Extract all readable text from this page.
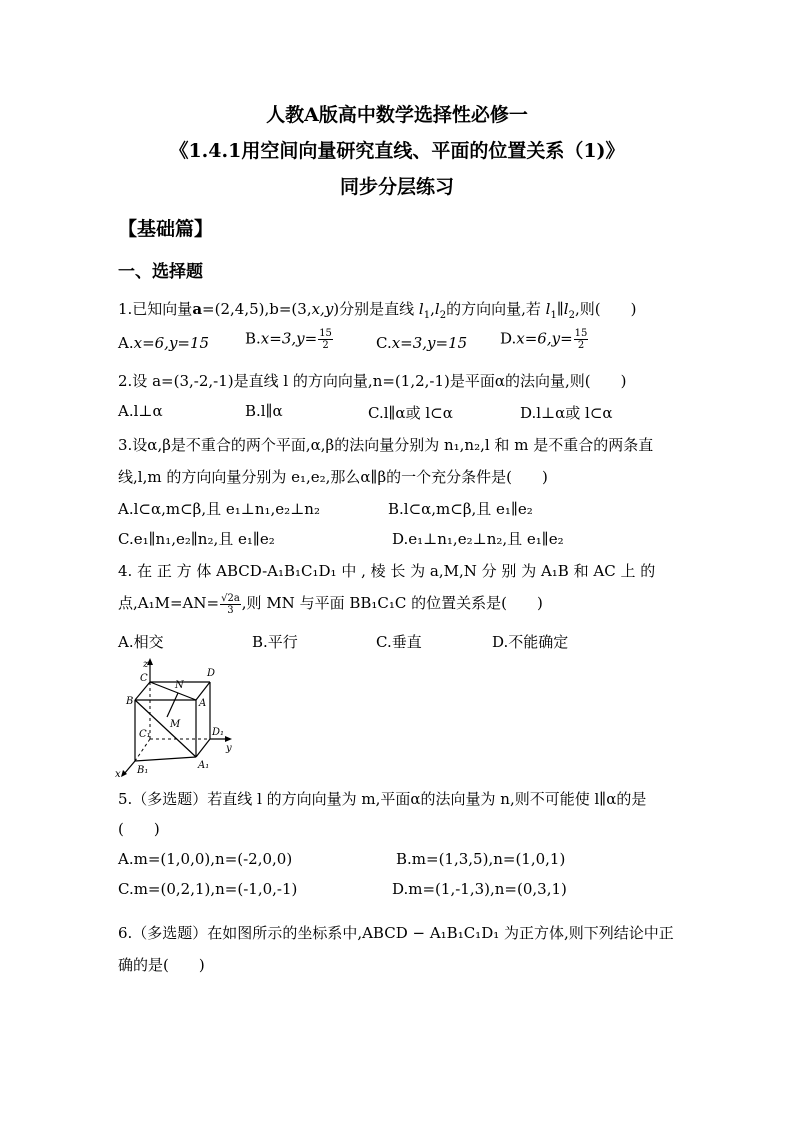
人教A版高中数学选择性必修一
《1.4.1用空间向量研究直线、平面的位置关系（1)》
同步分层练习
【基础篇】
一、选择题
1.已知向量a=(2,4,5),b=(3,x,y)分别是直线 $l_1,l_2$的方向向量,若 $l_1\parallel l_2$,则(　　)
A.x=6,y=15 $B.x=3,y= \frac{15}{2}$	C.x=3,y=15 $D.x=6,y= \frac{15}{2}$
2.设 a=(3,-2,-1)是直线 l 的方向向量,n=(1,2,-1)是平面α的法向量,则(　　)
A.l⊥α	B.l∥α	C.l∥α或 l⊂α	D.l⊥α或 l⊂α
3.设α,β是不重合的两个平面,α,β的法向量分别为 n₁,n₂,l 和 m 是不重合的两条直
线,l,m 的方向向量分别为 e₁,e₂,那么α∥β的一个充分条件是(　　)
A.l⊂α,m⊂β,且 e₁⊥n₁,e₂⊥n₂	B.l⊂α,m⊂β,且 e₁∥e₂
C.e₁∥n₁,e₂∥n₂,且 e₁∥e₂	D.e₁⊥n₁,e₂⊥n₂,且 e₁∥e₂
4. 在 正 方 体 ABCD-A₁B₁C₁D₁ 中 , 棱 长 为 a,M,N 分 别 为 A₁B 和 AC 上 的
点$,A_1M=AN= \frac{√2a}{3}$ ,则 MN 与平面 BB₁C₁C 的位置关系是(　　)
A.相交	B.平行	C.垂直	D.不能确定
z
C
N
D
B	A
M
C₁	D₁
y
x B₁	A₁
5.（多选题）若直线 l 的方向向量为 m,平面α的法向量为 n,则不可能使 l∥α的是
(　　)
A.m=(1,0,0),n=(-2,0,0)	B.m=(1,3,5),n=(1,0,1)
C.m=(0,2,1),n=(-1,0,-1)	D.m=(1,-1,3),n=(0,3,1)
6.（多选题）在如图所示的坐标系中,ABCD − A₁B₁C₁D₁ 为正方体,则下列结论中正
确的是(　　)
